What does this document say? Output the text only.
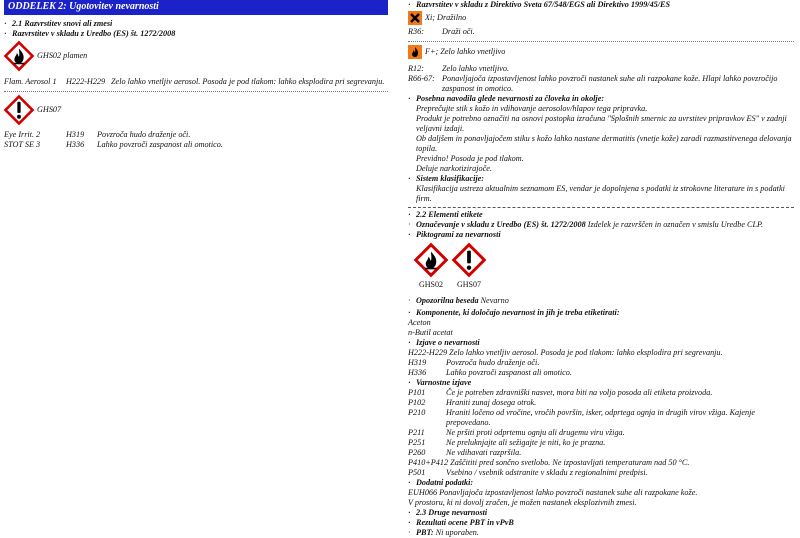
ODDELEK 2: Ugotovitev nevarnosti
· 2.1 Razvrstitev snovi ali zmesi
· Razvrstitev v skladu z Uredbo (ES) št. 1272/2008
GHS02 plamen
Flam. Aerosol 1	H222-H229 Zelo lahko vnetljiv aerosol. Posoda je pod tlakom: lahko eksplodira pri segrevanju.
GHS07
Eye Irrit. 2	H319	Povzroča hudo draženje oči.
STOT SE 3	H336	Lahko povzroči zaspanost ali omotico.
· Razvrstitev v skladu z Direktivo Sveta 67/548/EGS ali Direktivo 1999/45/ES
Xi; Dražilno
R36:	Draži oči.
F+; Zelo lahko vnetljivo
R12:	Zelo lahko vnetljivo.
R66-67: Ponavljajoča izpostavljenost lahko povzroči nastanek suhe ali razpokane kože. Hlapi lahko povzročijo zaspanost in omotico.
· Posebna navodila glede nevarnosti za človeka in okolje:
Preprečujte stik s kožo in vdihovanje aerosolov/hlapov tega pripravka.
Produkt je potrebno označiti na osnovi postopka izračuna "Splošnih smernic za uvrstitev pripravkov ES" v zadnji veljavni izdaji.
Ob daljšem in ponavljajočem stiku s kožo lahko nastane dermatitis (vnetje kože) zaradi razmastitvenega delovanja topila.
Previdno! Posoda je pod tlakom.
Deluje narkotizirajoče.
· Sistem klasifikacije:
Klasifikacija ustreza aktualnim seznamom ES, vendar je dopolnjena s podatki iz strokovne literature in s podatki firm.
· 2.2 Elementi etikete
· Označevanje v skladu z Uredbo (ES) št. 1272/2008 Izdelek je razvrščen in označen v smislu Uredbe CLP.
· Piktogrami za nevarnosti
GHS02	GHS07
· Opozorilna beseda Nevarno
· Komponente, ki določajo nevarnost in jih je treba etiketirati:
Aceton
n-Butil acetat
· Izjave o nevarnosti
H222-H229 Zelo lahko vnetljiv aerosol. Posoda je pod tlakom: lahko eksplodira pri segrevanju.
H319	Povzroča hudo draženje oči.
H336	Lahko povzroči zaspanost ali omotico.
· Varnostne izjave
P101	Če je potreben zdravniški nasvet, mora biti na voljo posoda ali etiketa proizvoda.
P102	Hraniti zunaj dosega otrok.
P210	Hraniti ločeno od vročine, vročih površin, isker, odprtega ognja in drugih virov vžiga. Kajenje prepovedano.
P211	Ne pršiti proti odprtemu ognju ali drugemu viru vžiga.
P251	Ne preluknjajte ali sežigajte je niti, ko je prazna.
P260	Ne vdihavati razpršila.
P410+P412 Zaščititi pred sončno svetlobo. Ne izpostavljati temperaturam nad 50 °C.
P501	Vsebino / vsebnik odstranite v skladu z regionalnimi predpisi.
· Dodatni podatki:
EUH066 Ponavljajoča izpostavljenost lahko povzroči nastanek suhe ali razpokane kože.
V prostoru, ki ni dovolj zračen, je možen nastanek eksplozivnih zmesi.
· 2.3 Druge nevarnosti
· Rezultati ocene PBT in vPvB
· PBT: Ni uporaben.
